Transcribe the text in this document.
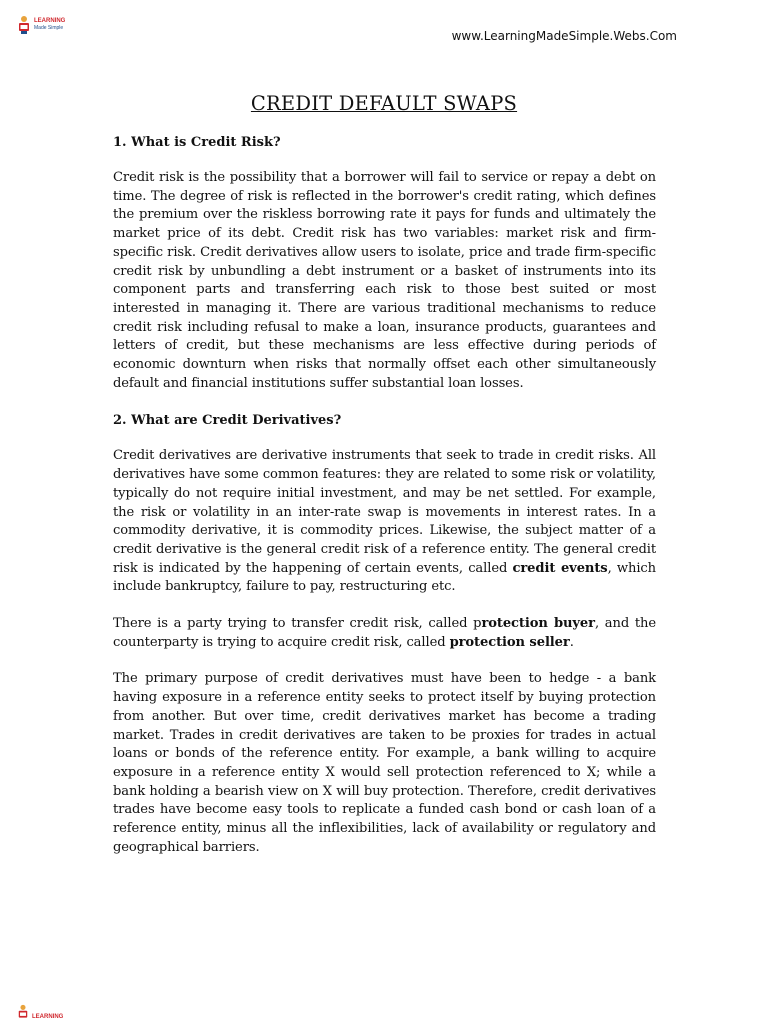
LEARNING
Made Simple
www.LearningMadeSimple.Webs.Com
CREDIT DEFAULT SWAPS

1. What is Credit Risk?

Credit risk is the possibility that a borrower will fail to service or repay a debt on time. The degree of risk is reflected in the borrower's credit rating, which defines the premium over the riskless borrowing rate it pays for funds and ultimately the market price of its debt. Credit risk has two variables: market risk and firm-specific risk. Credit derivatives allow users to isolate, price and trade firm-specific credit risk by unbundling a debt instrument or a basket of instruments into its component parts and transferring each risk to those best suited or most interested in managing it. There are various traditional mechanisms to reduce credit risk including refusal to make a loan, insurance products, guarantees and letters of credit, but these mechanisms are less effective during periods of economic downturn when risks that normally offset each other simultaneously default and financial institutions suffer substantial loan losses.

2. What are Credit Derivatives?

Credit derivatives are derivative instruments that seek to trade in credit risks. All derivatives have some common features: they are related to some risk or volatility, typically do not require initial investment, and may be net settled. For example, the risk or volatility in an inter-rate swap is movements in interest rates. In a commodity derivative, it is commodity prices. Likewise, the subject matter of a credit derivative is the general credit risk of a reference entity. The general credit risk is indicated by the happening of certain events, called credit events, which include bankruptcy, failure to pay, restructuring etc.

There is a party trying to transfer credit risk, called protection buyer, and the counterparty is trying to acquire credit risk, called protection seller.

The primary purpose of credit derivatives must have been to hedge - a bank having exposure in a reference entity seeks to protect itself by buying protection from another. But over time, credit derivatives market has become a trading market. Trades in credit derivatives are taken to be proxies for trades in actual loans or bonds of the reference entity. For example, a bank willing to acquire exposure in a reference entity X would sell protection referenced to X; while a bank holding a bearish view on X will buy protection. Therefore, credit derivatives trades have become easy tools to replicate a funded cash bond or cash loan of a reference entity, minus all the inflexibilities, lack of availability or regulatory and geographical barriers.

LEARNING
